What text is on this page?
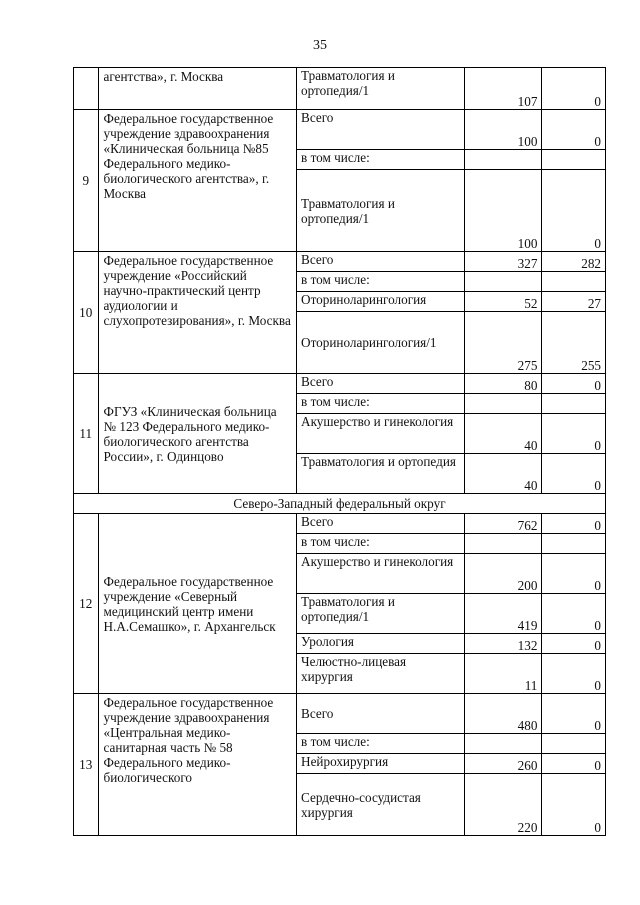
35
	агентства», г. Москва	Травматология и ортопедия/1	107	0
9	Федеральное государственное учреждение здравоохранения «Клиническая больница №85 Федерального медико-биологического агентства», г. Москва	Всего	100	0
		в том числе:		
		Травматология и ортопедия/1	100	0
10	Федеральное государственное учреждение «Российский научно-практический центр аудиологии и слухопротезирования», г. Москва	Всего	327	282
		в том числе:		
		Оториноларингология	52	27
		Оториноларингология/1	275	255
11	ФГУЗ «Клиническая больница № 123 Федерального медико-биологического агентства России», г. Одинцово	Всего	80	0
		в том числе:		
		Акушерство и гинекология	40	0
		Травматология и ортопедия	40	0
Северо-Западный федеральный округ				
12	Федеральное государственное учреждение «Северный медицинский центр имени Н.А.Семашко», г. Архангельск	Всего	762	0
		в том числе:		
		Акушерство и гинекология	200	0
		Травматология и ортопедия/1	419	0
		Урология	132	0
		Челюстно-лицевая хирургия	11	0
13	Федеральное государственное учреждение здравоохранения «Центральная медико-санитарная часть № 58 Федерального медико-биологического	Всего	480	0
		в том числе:		
		Нейрохирургия	260	0
		Сердечно-сосудистая хирургия	220	0
